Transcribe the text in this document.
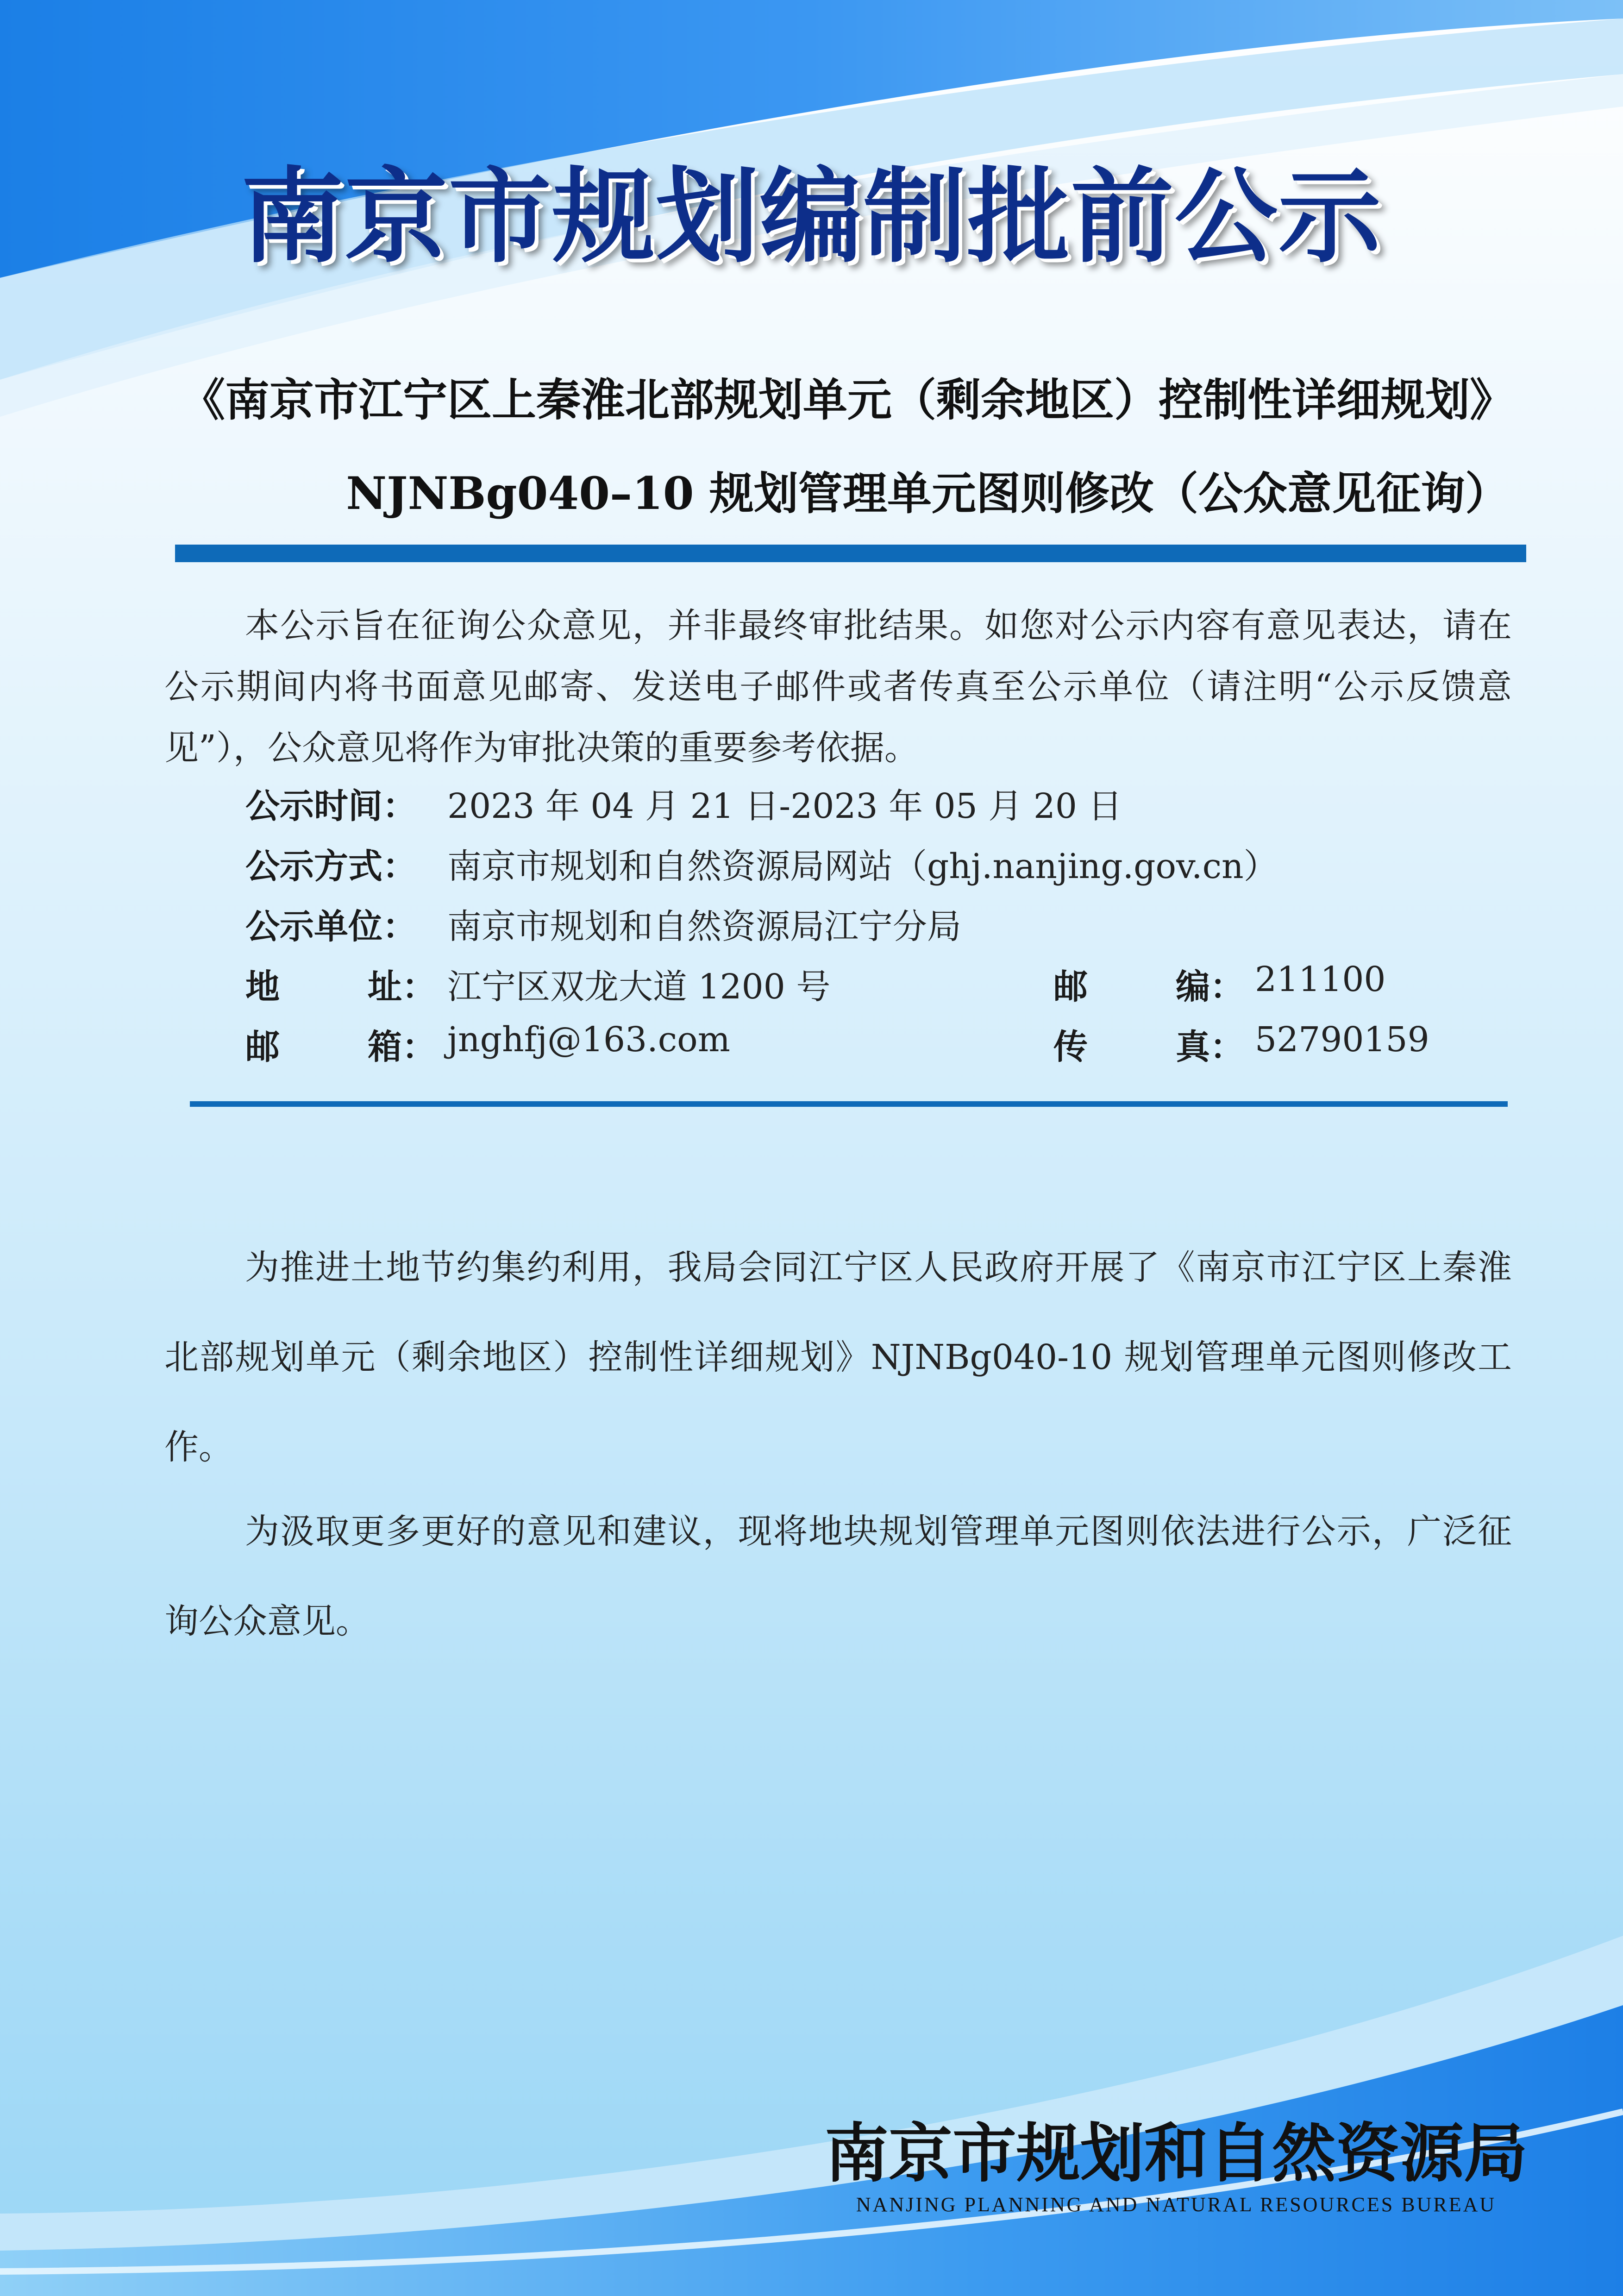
南京市规划编制批前公示
《南京市江宁区上秦淮北部规划单元（剩余地区）控制性详细规划》
NJNBg040–10 规划管理单元图则修改（公众意见征询）

本公示旨在征询公众意见，并非最终审批结果。如您对公示内容有意见表达，请在公示期间内将书面意见邮寄、发送电子邮件或者传真至公示单位（请注明“公示反馈意见”），公众意见将作为审批决策的重要参考依据。

公示时间： 2023 年 04 月 21 日-2023 年 05 月 20 日
公示方式： 南京市规划和自然资源局网站（ghj.nanjing.gov.cn）
公示单位： 南京市规划和自然资源局江宁分局
地	址： 江宁区双龙大道 1200 号	邮	编： 211100
邮	箱： jnghfj@163.com	传	真： 52790159

为推进土地节约集约利用，我局会同江宁区人民政府开展了《南京市江宁区上秦淮北部规划单元（剩余地区）控制性详细规划》NJNBg040-10 规划管理单元图则修改工作。

为汲取更多更好的意见和建议，现将地块规划管理单元图则依法进行公示，广泛征询公众意见。

南京市规划和自然资源局
NANJING PLANNING AND NATURAL RESOURCES BUREAU
